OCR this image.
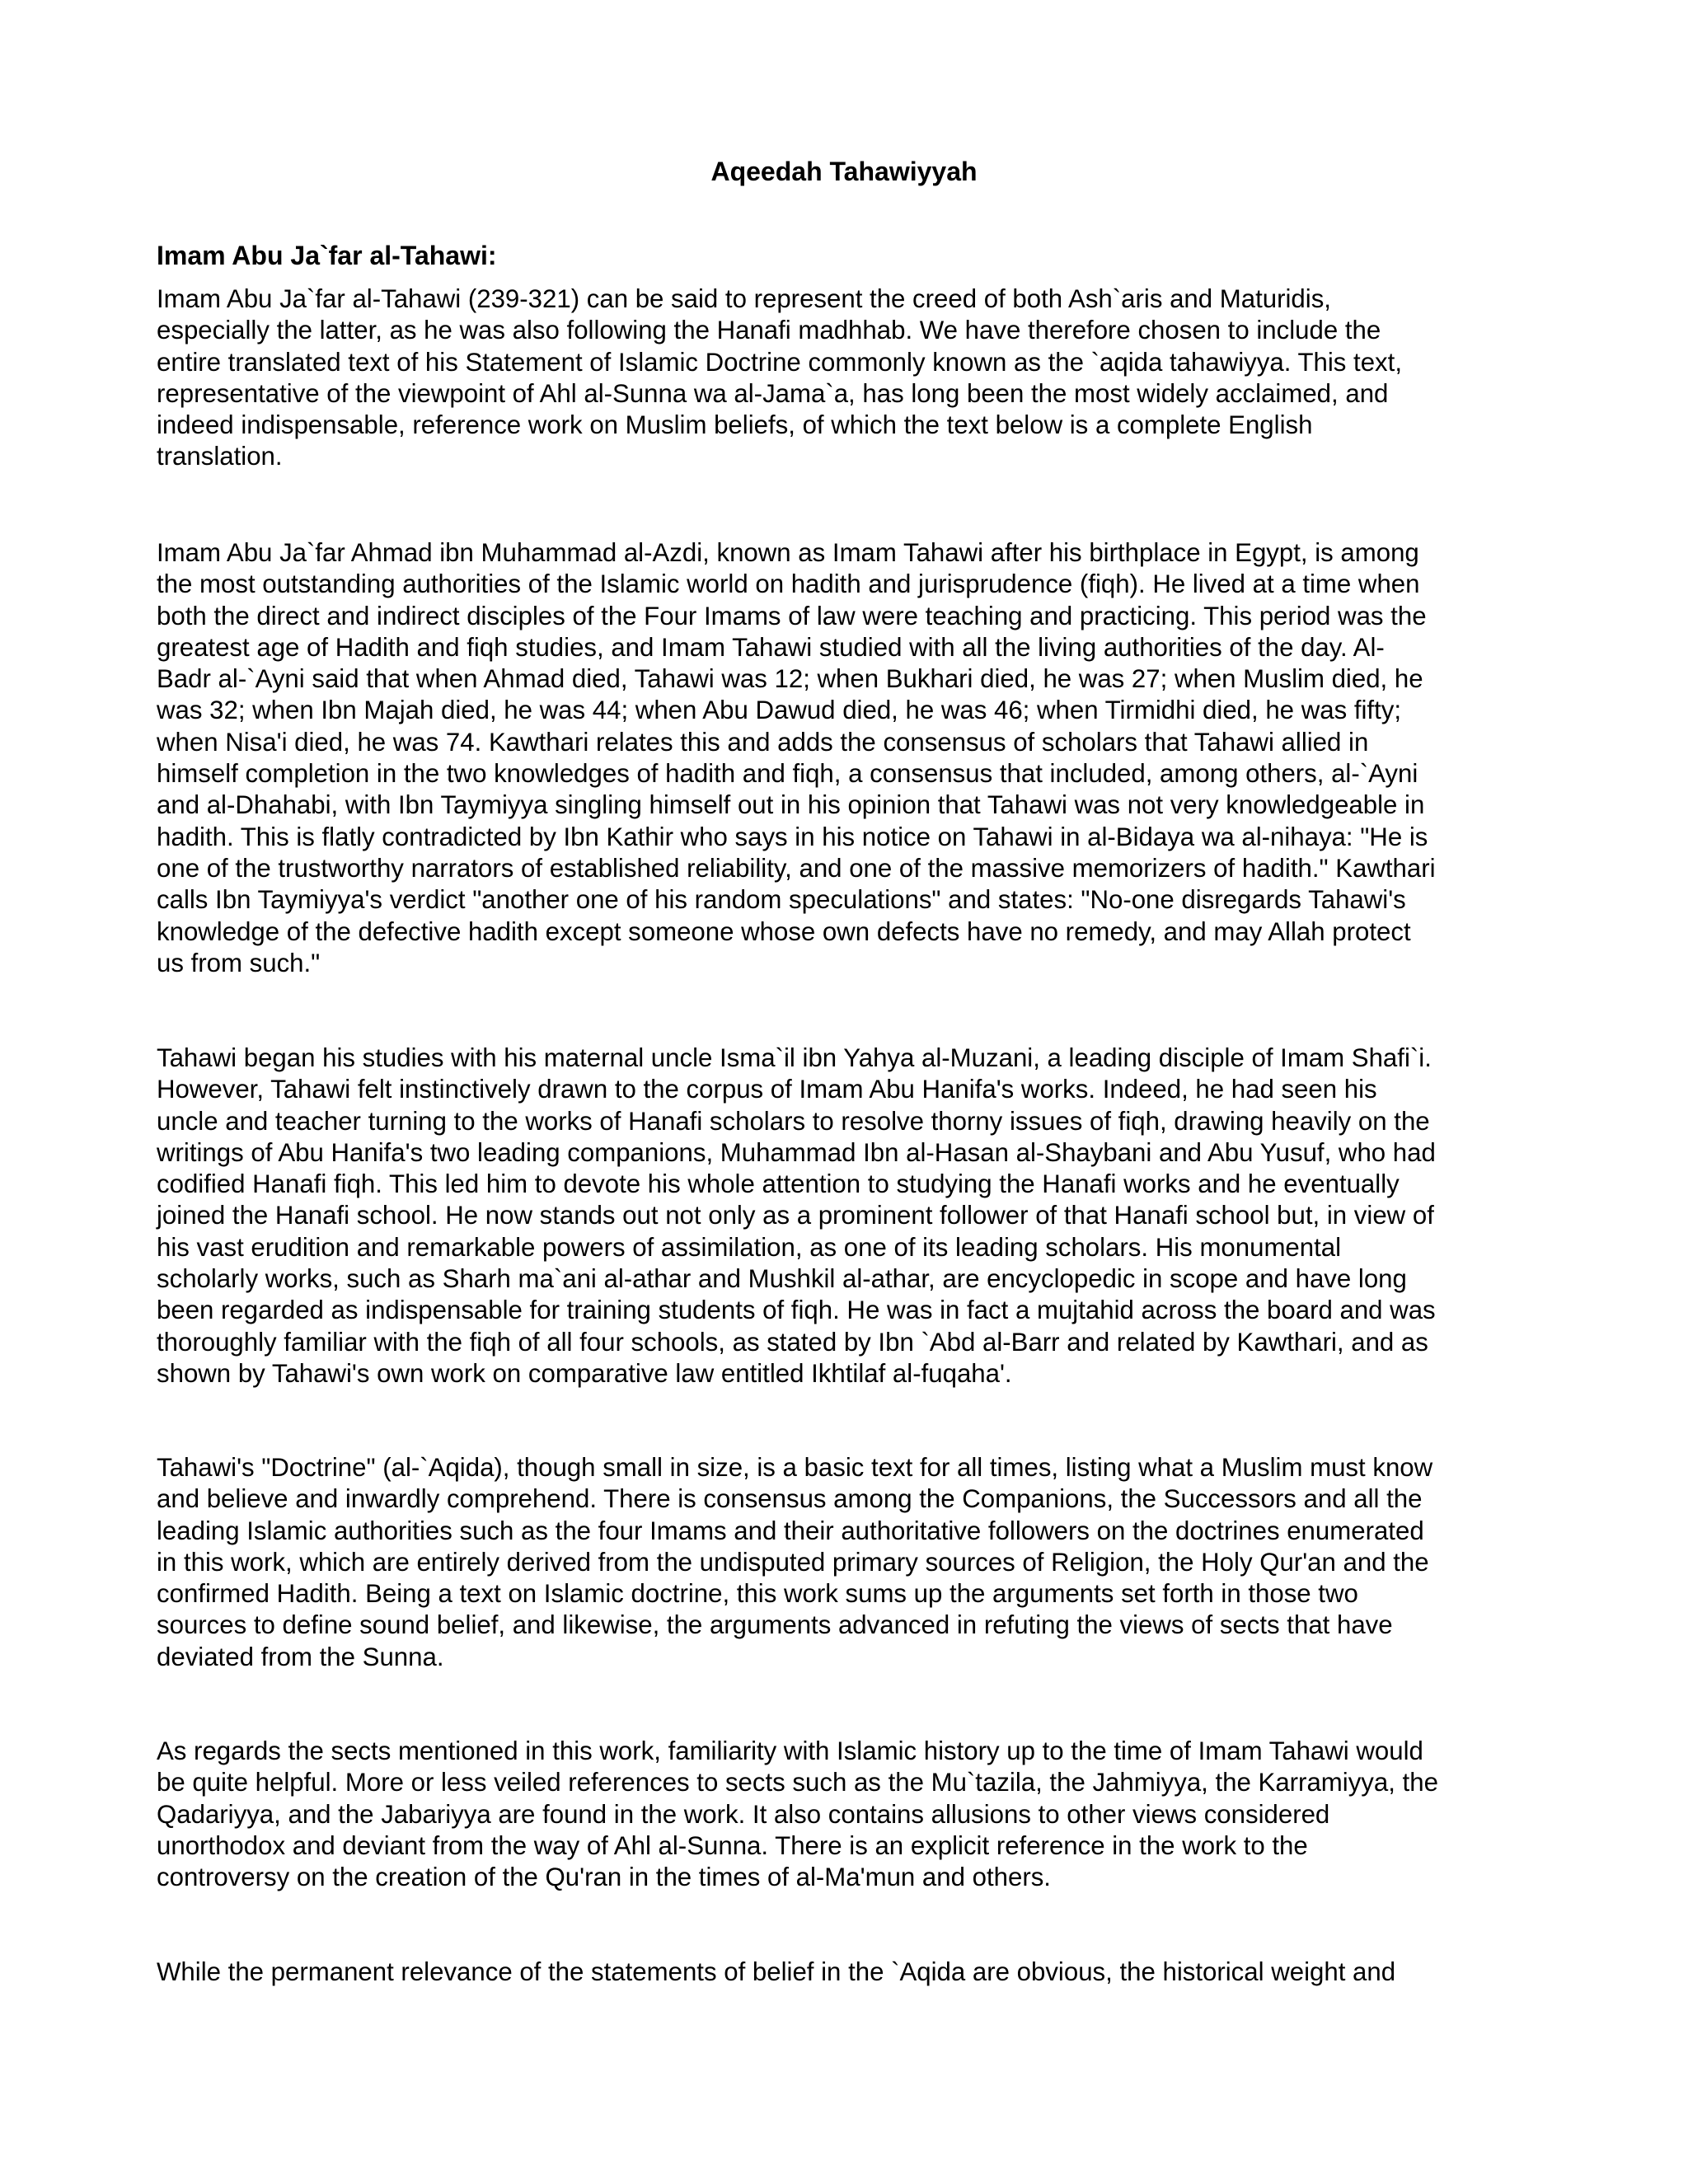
Aqeedah Tahawiyyah
Imam Abu Ja`far al-Tahawi:

Imam Abu Ja`far al-Tahawi (239-321) can be said to represent the creed of both Ash`aris and Maturidis,
especially the latter, as he was also following the Hanafi madhhab. We have therefore chosen to include the
entire translated text of his Statement of Islamic Doctrine commonly known as the `aqida tahawiyya. This text,
representative of the viewpoint of Ahl al-Sunna wa al-Jama`a, has long been the most widely acclaimed, and
indeed indispensable, reference work on Muslim beliefs, of which the text below is a complete English
translation.

Imam Abu Ja`far Ahmad ibn Muhammad al-Azdi, known as Imam Tahawi after his birthplace in Egypt, is among
the most outstanding authorities of the Islamic world on hadith and jurisprudence (fiqh). He lived at a time when
both the direct and indirect disciples of the Four Imams of law were teaching and practicing. This period was the
greatest age of Hadith and fiqh studies, and Imam Tahawi studied with all the living authorities of the day. Al-
Badr al-`Ayni said that when Ahmad died, Tahawi was 12; when Bukhari died, he was 27; when Muslim died, he
was 32; when Ibn Majah died, he was 44; when Abu Dawud died, he was 46; when Tirmidhi died, he was fifty;
when Nisa'i died, he was 74. Kawthari relates this and adds the consensus of scholars that Tahawi allied in
himself completion in the two knowledges of hadith and fiqh, a consensus that included, among others, al-`Ayni
and al-Dhahabi, with Ibn Taymiyya singling himself out in his opinion that Tahawi was not very knowledgeable in
hadith. This is flatly contradicted by Ibn Kathir who says in his notice on Tahawi in al-Bidaya wa al-nihaya: "He is
one of the trustworthy narrators of established reliability, and one of the massive memorizers of hadith." Kawthari
calls Ibn Taymiyya's verdict "another one of his random speculations" and states: "No-one disregards Tahawi's
knowledge of the defective hadith except someone whose own defects have no remedy, and may Allah protect
us from such."

Tahawi began his studies with his maternal uncle Isma`il ibn Yahya al-Muzani, a leading disciple of Imam Shafi`i.
However, Tahawi felt instinctively drawn to the corpus of Imam Abu Hanifa's works. Indeed, he had seen his
uncle and teacher turning to the works of Hanafi scholars to resolve thorny issues of fiqh, drawing heavily on the
writings of Abu Hanifa's two leading companions, Muhammad Ibn al-Hasan al-Shaybani and Abu Yusuf, who had
codified Hanafi fiqh. This led him to devote his whole attention to studying the Hanafi works and he eventually
joined the Hanafi school. He now stands out not only as a prominent follower of that Hanafi school but, in view of
his vast erudition and remarkable powers of assimilation, as one of its leading scholars. His monumental
scholarly works, such as Sharh ma`ani al-athar and Mushkil al-athar, are encyclopedic in scope and have long
been regarded as indispensable for training students of fiqh. He was in fact a mujtahid across the board and was
thoroughly familiar with the fiqh of all four schools, as stated by Ibn `Abd al-Barr and related by Kawthari, and as
shown by Tahawi's own work on comparative law entitled Ikhtilaf al-fuqaha'.

Tahawi's "Doctrine" (al-`Aqida), though small in size, is a basic text for all times, listing what a Muslim must know
and believe and inwardly comprehend. There is consensus among the Companions, the Successors and all the
leading Islamic authorities such as the four Imams and their authoritative followers on the doctrines enumerated
in this work, which are entirely derived from the undisputed primary sources of Religion, the Holy Qur'an and the
confirmed Hadith. Being a text on Islamic doctrine, this work sums up the arguments set forth in those two
sources to define sound belief, and likewise, the arguments advanced in refuting the views of sects that have
deviated from the Sunna.

As regards the sects mentioned in this work, familiarity with Islamic history up to the time of Imam Tahawi would
be quite helpful. More or less veiled references to sects such as the Mu`tazila, the Jahmiyya, the Karramiyya, the
Qadariyya, and the Jabariyya are found in the work. It also contains allusions to other views considered
unorthodox and deviant from the way of Ahl al-Sunna. There is an explicit reference in the work to the
controversy on the creation of the Qu'ran in the times of al-Ma'mun and others.

While the permanent relevance of the statements of belief in the `Aqida are obvious, the historical weight and
